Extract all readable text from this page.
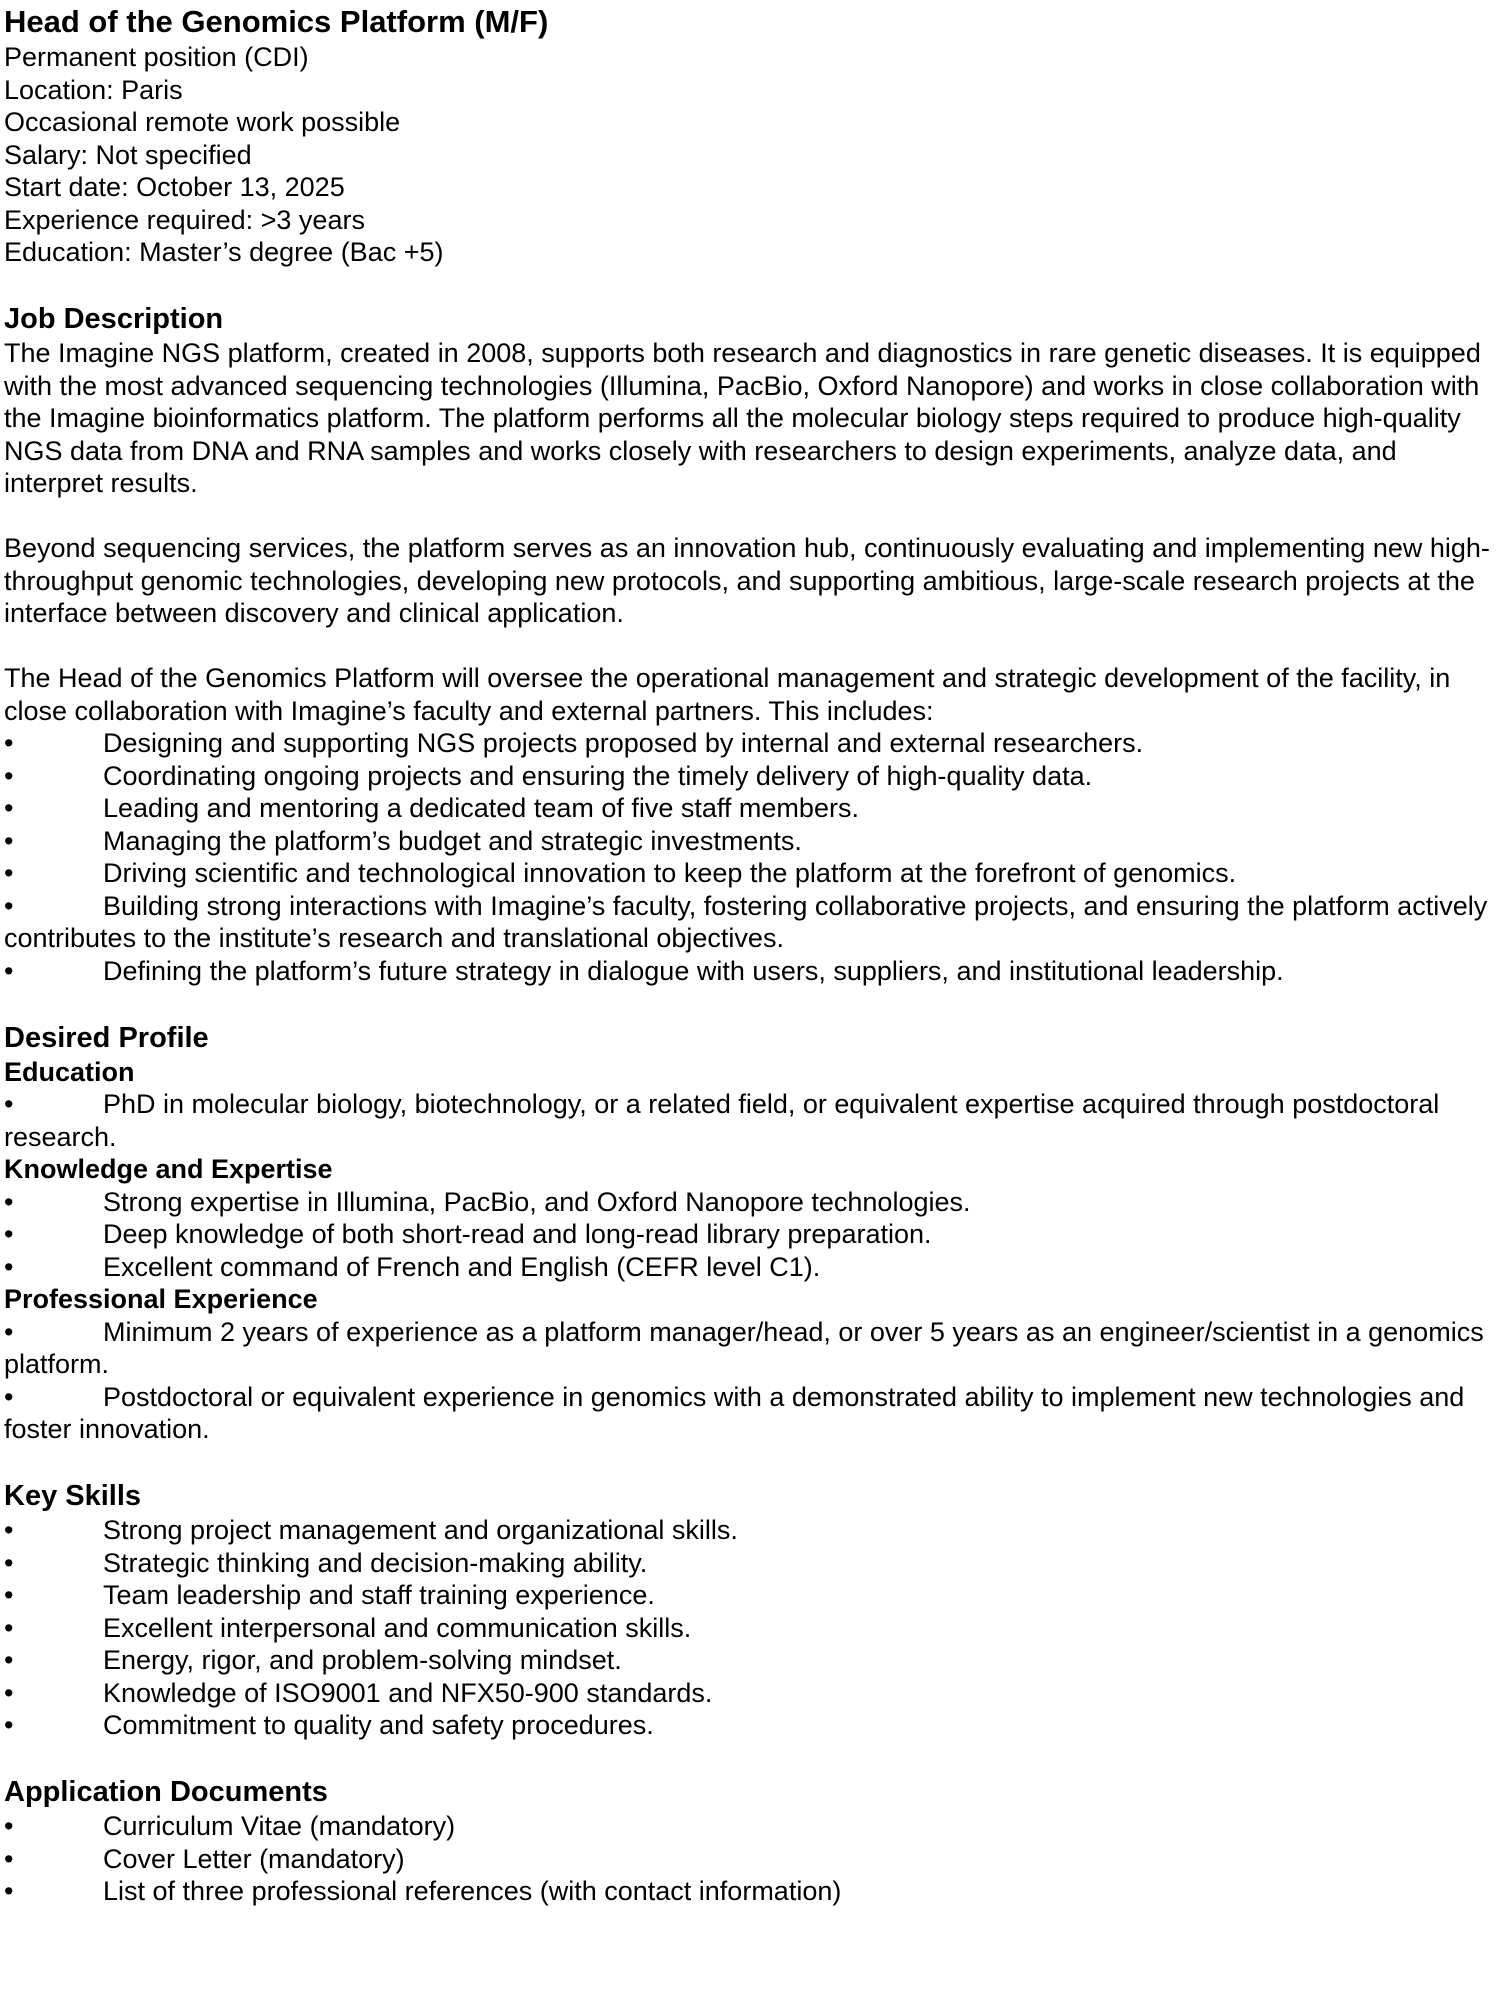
Head of the Genomics Platform (M/F)
Permanent position (CDI)
Location: Paris
Occasional remote work possible
Salary: Not specified
Start date: October 13, 2025
Experience required: >3 years
Education: Master’s degree (Bac +5)
Job Description

The Imagine NGS platform, created in 2008, supports both research and diagnostics in rare genetic diseases. It is equipped with the most advanced sequencing technologies (Illumina, PacBio, Oxford Nanopore) and works in close collaboration with the Imagine bioinformatics platform. The platform performs all the molecular biology steps required to produce high-quality NGS data from DNA and RNA samples and works closely with researchers to design experiments, analyze data, and interpret results.

Beyond sequencing services, the platform serves as an innovation hub, continuously evaluating and implementing new high-throughput genomic technologies, developing new protocols, and supporting ambitious, large-scale research projects at the interface between discovery and clinical application.

The Head of the Genomics Platform will oversee the operational management and strategic development of the facility, in close collaboration with Imagine’s faculty and external partners. This includes:

•	Designing and supporting NGS projects proposed by internal and external researchers.
•	Coordinating ongoing projects and ensuring the timely delivery of high-quality data.
•	Leading and mentoring a dedicated team of five staff members.
•	Managing the platform’s budget and strategic investments.
•	Driving scientific and technological innovation to keep the platform at the forefront of genomics.
•	Building strong interactions with Imagine’s faculty, fostering collaborative projects, and ensuring the platform actively contributes to the institute’s research and translational objectives.
•	Defining the platform’s future strategy in dialogue with users, suppliers, and institutional leadership.
Desired Profile
Education
•	PhD in molecular biology, biotechnology, or a related field, or equivalent expertise acquired through postdoctoral research.
Knowledge and Expertise
•	Strong expertise in Illumina, PacBio, and Oxford Nanopore technologies.
•	Deep knowledge of both short-read and long-read library preparation.
•	Excellent command of French and English (CEFR level C1).
Professional Experience
•	Minimum 2 years of experience as a platform manager/head, or over 5 years as an engineer/scientist in a genomics platform.
•	Postdoctoral or equivalent experience in genomics with a demonstrated ability to implement new technologies and foster innovation.
Key Skills
•	Strong project management and organizational skills.
•	Strategic thinking and decision-making ability.
•	Team leadership and staff training experience.
•	Excellent interpersonal and communication skills.
•	Energy, rigor, and problem-solving mindset.
•	Knowledge of ISO9001 and NFX50-900 standards.
•	Commitment to quality and safety procedures.
Application Documents
•	Curriculum Vitae (mandatory)
•	Cover Letter (mandatory)
•	List of three professional references (with contact information)
